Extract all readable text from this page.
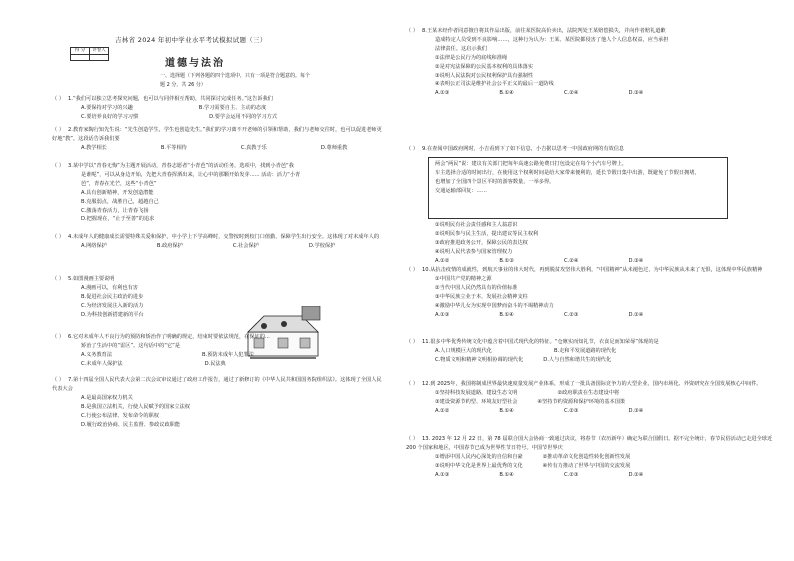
吉林省 2024 年初中学业水平考试模拟试题（三）
得 分	评卷人

道德与法治
一、选择题（下列各题的四个选项中，只有一项是符合题意的。每个
题 2 分，共 26 分）
（ ） 1.“我们可以独立思考探究问题，也可以与同伴相互帮助，共同探讨完成任务。”这告诉我们
A.要保持对学习的兴趣	B.学习需要自主、主动的态度
C.要培养良好的学习习惯	D.要学会运用不同的学习方式
（ ） 2.教育家陶行知先生说：“先生创造学生，学生也创造先生。”我们的学习离不开老师的引领和帮助，我们与老师交往时，也可以促进老师更好地“教”。这段话告诉我们要
A.教学相长	B.平等相待	C.真教于乐	D.尊师重教
（ ） 3.某中学以“青春无悔”为主题开展活动，青春志愿者“小青芭”的活动任务，选项中，找到小青芭“我
是谁呢”，可以从身边开始，先把大青春挥洒出来，让心中的那颗开始发芽...... 活动：活力“小青
芭”，青春在光芒，这些“小青芭”
A.具有创新精神，开发创造潜能
B.克服弱点，战胜自己，超越自己
C.激荡青春活力，让青春飞扬
D.把握现在，“止于至善”的追求
（ ） 4.未成年人的健康成长需要特殊关爱和保护。中小学上下学高峰时，交警按时到校门口值勤，保障学生出行安全。这体现了对未成年人的
A.网络保护	B.政府保护	C.社会保护	D.学校保护
（ ） 5.如图漫画主要说明
A.漫画可以，有利也有害
B.促进社会民主政治的进步
C.为经济发展注入新的活力
D.为科技创新搭建新的平台
（ ） 6.它对未成年人不良行为的预防和矫治作了明确的规定，结束时要依法规范，在保证的...
矫治了生活中的“雷区”。这句话中的“它”是
A.义务教育法	B.预防未成年人犯罪法
C.未成年人保护法	D.民法典
（ ） 7.第十四届全国人民代表大会第二次会议审议通过了政府工作报告，通过了新修订的《中华人民共和国国务院组织法》。这体现了全国人民代表大会
A.是最高国家权力机关
B.是我国立法机关，行使人民赋予的国家立法权
C.行使公布法律、发布命令的职权
D.履行政治协商、民主监督、参政议政职能
（ ） 8.王某未经作者同意擅自将其作品出版，前往某医院高价卖出，法院判处王某赔偿损失，并向作者赔礼道歉
造成特定人员受到不良影响……，这种行为认为：王某、某医院都侵害了他人个人信息权益，应当承担
法律责任。这启示我们
①法律是公民行为的底线和准绳
②是对宪法保障的公民基本权利的具体落实
③说明人民法院对公民权利保护具有强制性
④表明公正司法是维护社会公平正义的最后一道防线
A.①③	B.①④	C.②④	D.③④
（ ） 9.在查阅中国政府网时，小吉看到下了如下信息，小吉据以思考一中国政府网的有效信息
两会“两民”说：建议有关部门把每年高速公路免费日打包设定在每个小汽车号牌上，
车主选择合适的时间出行，在使用这个权利时间是给大家带来便利的，延长节假日集中出游，既避免了节假日拥堵，
也增加了全国四个景区平时的游客数量，一举多得。
交通运输部回复：……
①说明民有社会责任感和主人翁意识
②说明民参与民主生活，提出建议等民主权利
③政府推进政务公开，保障公民的表达权
④说明人民代表参与国家管理权力
A.①②	B.①③	C.②④	D.③④
（ ） 10.从抗击疫情的成就性，到航天事业的伟大时代，再到脱贫攻坚伟大胜利，“中国精神”从未褪色过，为中华民族从未来了无惧，这体现中华民族精神
①中国共产党的精神之源
②当代中国人民仍然具有的价值标准
③中华民族立业于本，发展社会精神支柱
④激励中华儿女为实现中国梦而奋斗的不竭精神动力
A.①③	B.①④	C.②③	D.②④
（ ） 11.很多中华优秀传统文化中蕴含着中国式现代化的特征。“仓廪实而知礼节，衣食足而知荣辱”体现的是
A.人口规模巨大的现代化	B.走和平发展道路的现代化
C.物质文明和精神文明相协调的现代化	D.人与自然和谐共生的现代化
（ ） 12.到 2025年，我国将制成世界最快速度量发展产业体系，形成了一批具备国际竞争力的大型企业，国内市场化、外资研究在全国发展核心中间件。
①坚持科技发展道路，建设生态文明	②政府职责在生态建设中将
③建设资源节约型、环境友好型社会	④坚持节约资源和保护环境的基本国策
A.①②	B.①④	C.②③	D.③④
（ ） 13. 2023 年 12 月 22 日，第 78 届联合国大会协商一致通过决议，将春节（农历新年）确定为联合国假日。据不完全统计，春节民俗活动已走进全球近 200 个国家和地区，中国春节已成为世界性节日符号。中国节世界庆
①增添中国人民内心深处的自信和自豪	②推动革命文化创造性转化创新性发展
③说明中华文化是世界上最优秀的文化	④传有力推动了世界与中国的交流发展
A.①③	B.①④	C.②③	D.②④
